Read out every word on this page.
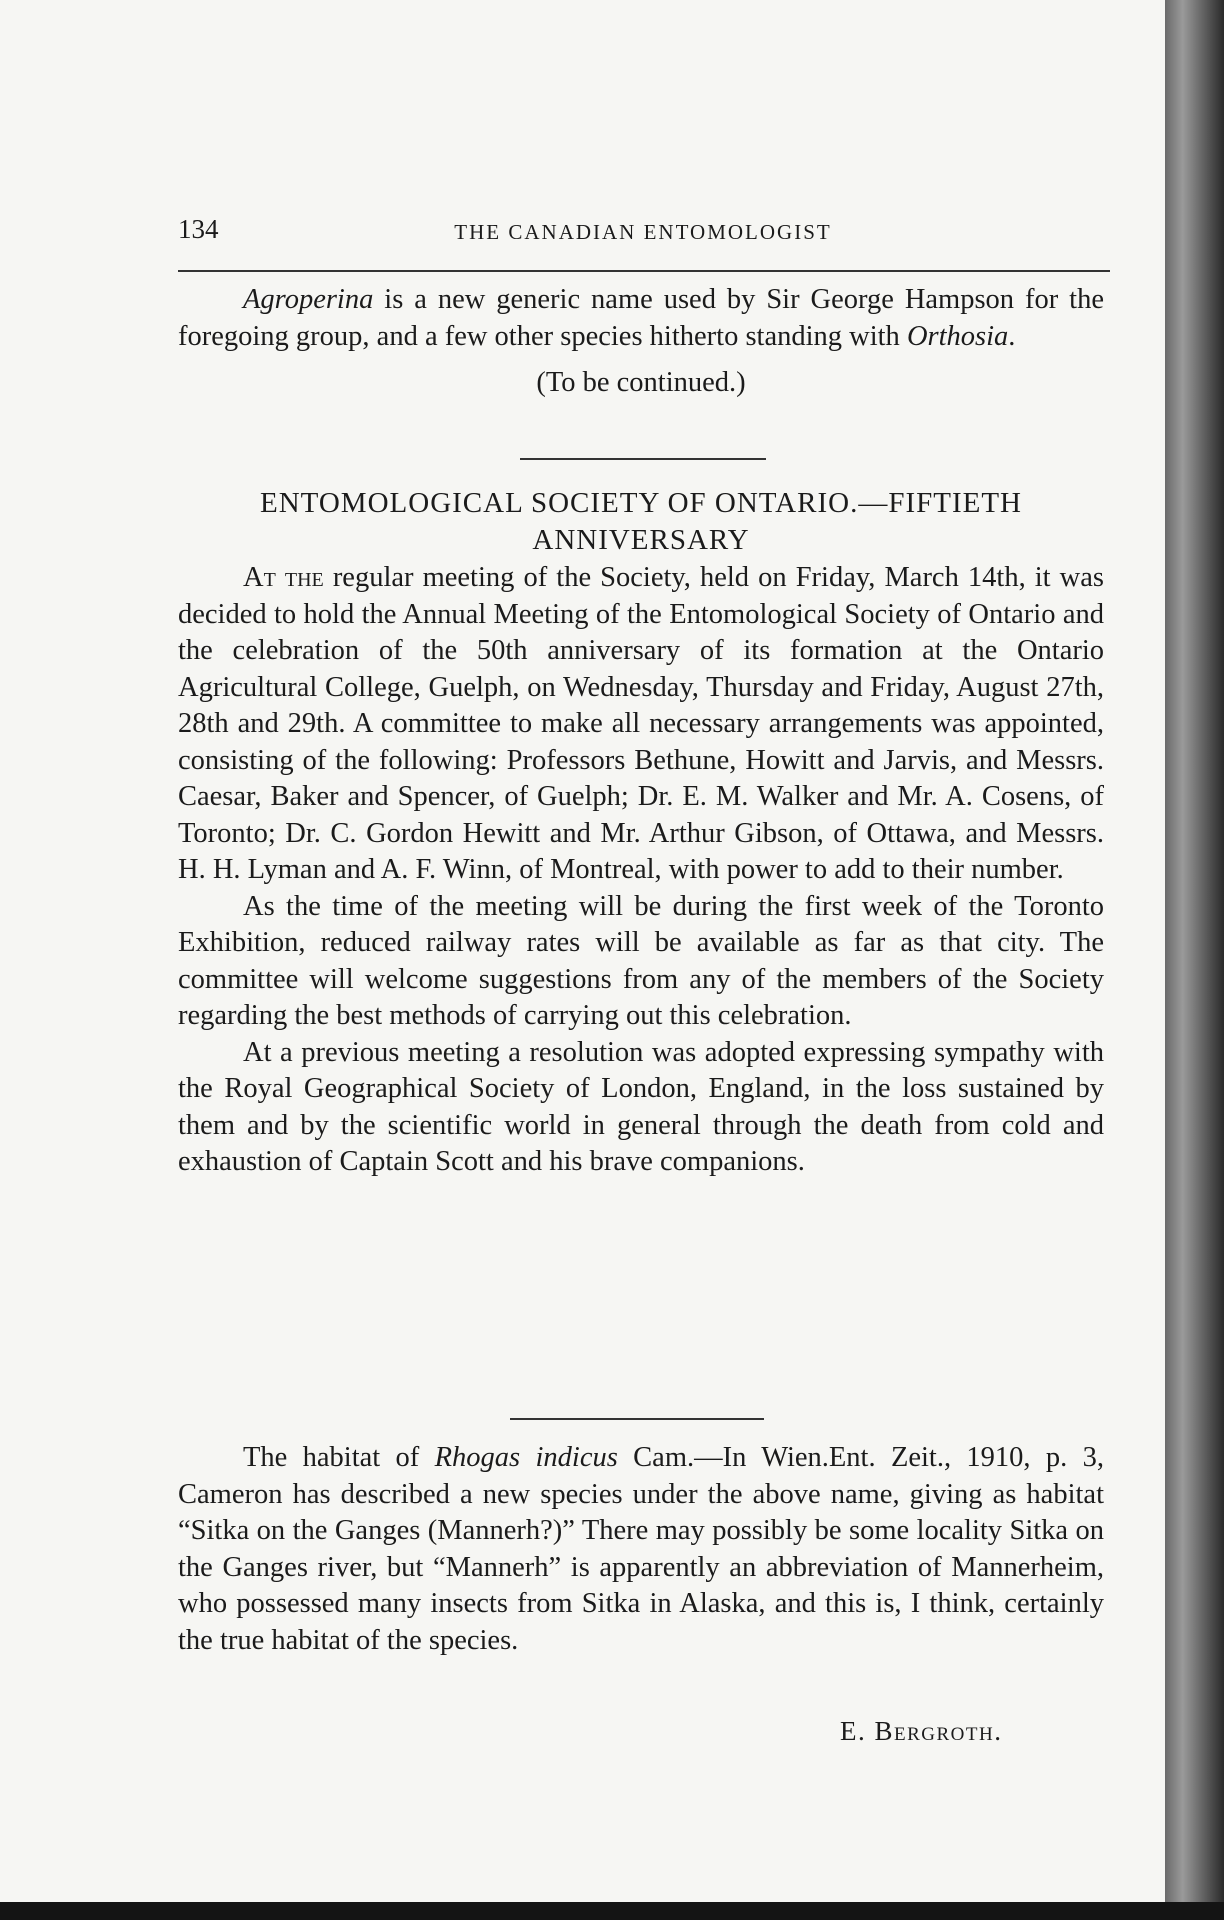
134	THE CANADIAN ENTOMOLOGIST

Agroperina is a new generic name used by Sir George Hampson for the foregoing group, and a few other species hitherto standing with Orthosia.

(To be continued.)

ENTOMOLOGICAL SOCIETY OF ONTARIO.—FIFTIETH ANNIVERSARY

At the regular meeting of the Society, held on Friday, March 14th, it was decided to hold the Annual Meeting of the Entomological Society of Ontario and the celebration of the 50th anniversary of its formation at the Ontario Agricultural College, Guelph, on Wednesday, Thursday and Friday, August 27th, 28th and 29th. A committee to make all necessary arrangements was appointed, consisting of the following: Professors Bethune, Howitt and Jarvis, and Messrs. Caesar, Baker and Spencer, of Guelph; Dr. E. M. Walker and Mr. A. Cosens, of Toronto; Dr. C. Gordon Hewitt and Mr. Arthur Gibson, of Ottawa, and Messrs. H. H. Lyman and A. F. Winn, of Montreal, with power to add to their number.

As the time of the meeting will be during the first week of the Toronto Exhibition, reduced railway rates will be available as far as that city. The committee will welcome suggestions from any of the members of the Society regarding the best methods of carrying out this celebration.

At a previous meeting a resolution was adopted expressing sympathy with the Royal Geographical Society of London, England, in the loss sustained by them and by the scientific world in general through the death from cold and exhaustion of Captain Scott and his brave companions.

The habitat of Rhogas indicus Cam.—In Wien.Ent. Zeit., 1910, p. 3, Cameron has described a new species under the above name, giving as habitat “Sitka on the Ganges (Mannerh?)” There may possibly be some locality Sitka on the Ganges river, but “Mannerh” is apparently an abbreviation of Mannerheim, who possessed many insects from Sitka in Alaska, and this is, I think, certainly the true habitat of the species.

E. Bergroth.
